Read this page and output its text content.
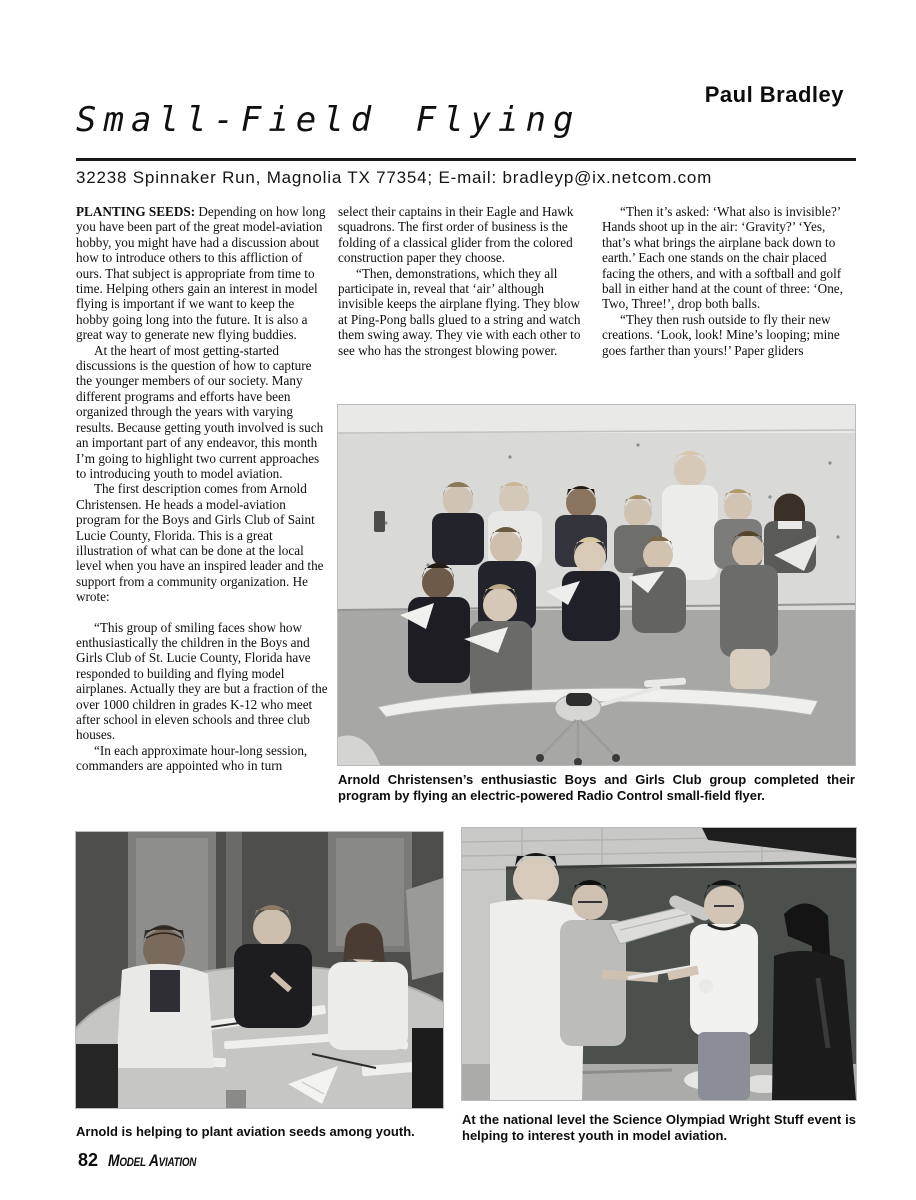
Paul Bradley
Small-Field Flying
32238 Spinnaker Run, Magnolia TX 77354; E-mail: bradleyp@ix.netcom.com

PLANTING SEEDS: Depending on how long you have been part of the great model-aviation hobby, you might have had a discussion about how to introduce others to this affliction of ours. That subject is appropriate from time to time. Helping others gain an interest in model flying is important if we want to keep the hobby going long into the future. It is also a great way to generate new flying buddies.

At the heart of most getting-started discussions is the question of how to capture the younger members of our society. Many different programs and efforts have been organized through the years with varying results. Because getting youth involved is such an important part of any endeavor, this month I’m going to highlight two current approaches to introducing youth to model aviation.

The first description comes from Arnold Christensen. He heads a model-aviation program for the Boys and Girls Club of Saint Lucie County, Florida. This is a great illustration of what can be done at the local level when you have an inspired leader and the support from a community organization. He wrote:

“This group of smiling faces show how enthusiastically the children in the Boys and Girls Club of St. Lucie County, Florida have responded to building and flying model airplanes. Actually they are but a fraction of the over 1000 children in grades K-12 who meet after school in eleven schools and three club houses.

“In each approximate hour-long session, commanders are appointed who in turn

select their captains in their Eagle and Hawk squadrons. The first order of business is the folding of a classical glider from the colored construction paper they choose.

“Then, demonstrations, which they all participate in, reveal that ‘air’ although invisible keeps the airplane flying. They blow at Ping-Pong balls glued to a string and watch them swing away. They vie with each other to see who has the strongest blowing power.

“Then it’s asked: ‘What also is invisible?’ Hands shoot up in the air: ‘Gravity?’ ‘Yes, that’s what brings the airplane back down to earth.’ Each one stands on the chair placed facing the others, and with a softball and golf ball in either hand at the count of three: ‘One, Two, Three!’, drop both balls.

“They then rush outside to fly their new creations. ‘Look, look! Mine’s looping; mine goes farther than yours!’ Paper gliders

Arnold Christensen’s enthusiastic Boys and Girls Club group completed their program by flying an electric-powered Radio Control small-field flyer.
Arnold is helping to plant aviation seeds among youth.
At the national level the Science Olympiad Wright Stuff event is helping to interest youth in model aviation.
82 Model Aviation
